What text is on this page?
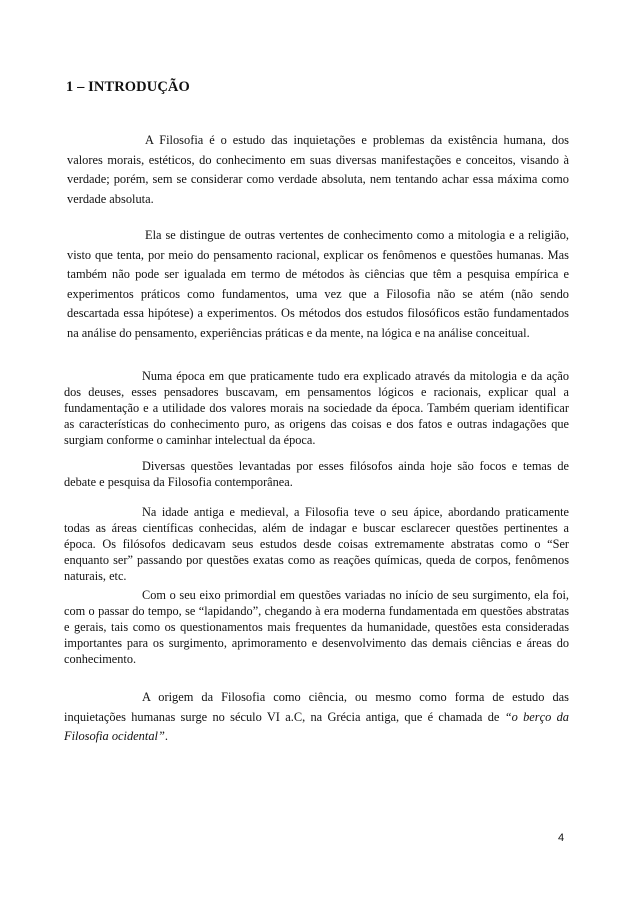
1 – INTRODUÇÃO

A Filosofia é o estudo das inquietações e problemas da existência humana, dos valores morais, estéticos, do conhecimento em suas diversas manifestações e conceitos, visando à verdade; porém, sem se considerar como verdade absoluta, nem tentando achar essa máxima como verdade absoluta.

Ela se distingue de outras vertentes de conhecimento como a mitologia e a religião, visto que tenta, por meio do pensamento racional, explicar os fenômenos e questões humanas. Mas também não pode ser igualada em termo de métodos às ciências que têm a pesquisa empírica e experimentos práticos como fundamentos, uma vez que a Filosofia não se atém (não sendo descartada essa hipótese) a experimentos. Os métodos dos estudos filosóficos estão fundamentados na análise do pensamento, experiências práticas e da mente, na lógica e na análise conceitual.

Numa época em que praticamente tudo era explicado através da mitologia e da ação dos deuses, esses pensadores buscavam, em pensamentos lógicos e racionais, explicar qual a fundamentação e a utilidade dos valores morais na sociedade da época. Também queriam identificar as características do conhecimento puro, as origens das coisas e dos fatos e outras indagações que surgiam conforme o caminhar intelectual da época.

Diversas questões levantadas por esses filósofos ainda hoje são focos e temas de debate e pesquisa da Filosofia contemporânea.

Na idade antiga e medieval, a Filosofia teve o seu ápice, abordando praticamente todas as áreas científicas conhecidas, além de indagar e buscar esclarecer questões pertinentes a época. Os filósofos dedicavam seus estudos desde coisas extremamente abstratas como o “Ser enquanto ser” passando por questões exatas como as reações químicas, queda de corpos, fenômenos naturais, etc.

Com o seu eixo primordial em questões variadas no início de seu surgimento, ela foi, com o passar do tempo, se “lapidando”, chegando à era moderna fundamentada em questões abstratas e gerais, tais como os questionamentos mais frequentes da humanidade, questões esta consideradas importantes para os surgimento, aprimoramento e desenvolvimento das demais ciências e áreas do conhecimento.

A origem da Filosofia como ciência, ou mesmo como forma de estudo das inquietações humanas surge no século VI a.C, na Grécia antiga, que é chamada de “o berço da Filosofia ocidental”.

4
